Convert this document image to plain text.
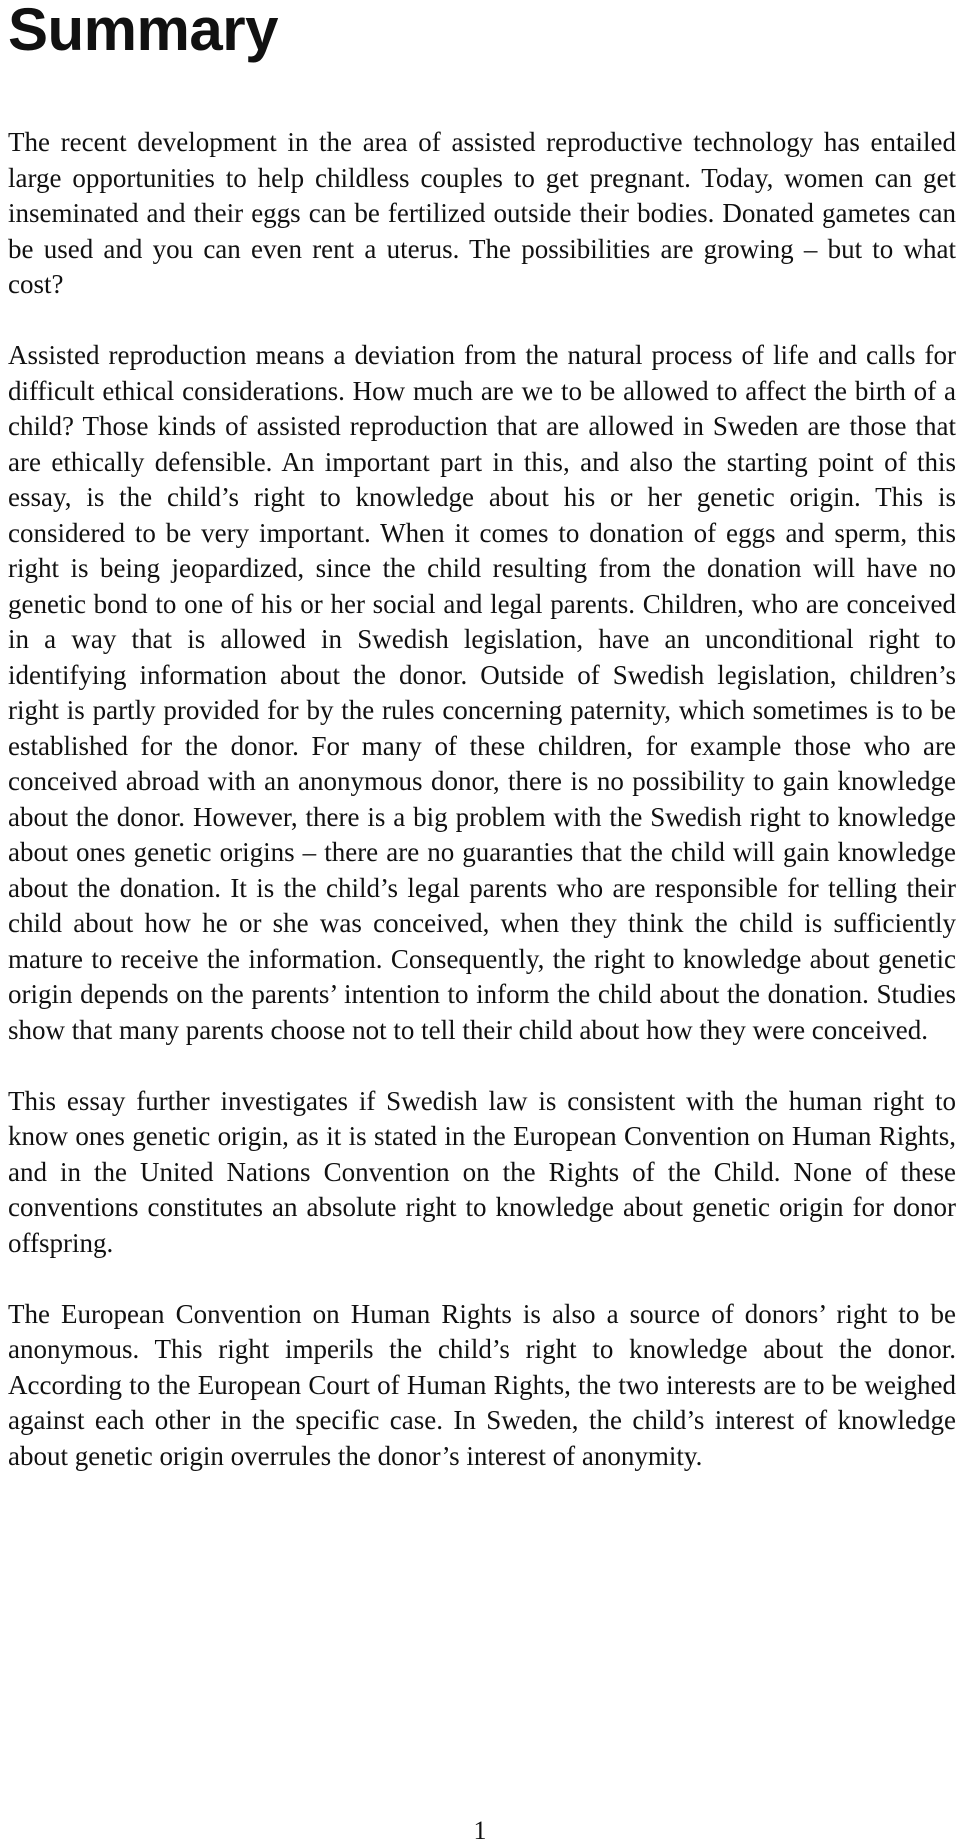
Summary

The recent development in the area of assisted reproductive technology has entailed large opportunities to help childless couples to get pregnant. Today, women can get inseminated and their eggs can be fertilized outside their bodies. Donated gametes can be used and you can even rent a uterus. The possibilities are growing – but to what cost?

Assisted reproduction means a deviation from the natural process of life and calls for difficult ethical considerations. How much are we to be allowed to affect the birth of a child? Those kinds of assisted reproduction that are allowed in Sweden are those that are ethically defensible. An important part in this, and also the starting point of this essay, is the child’s right to knowledge about his or her genetic origin. This is considered to be very important. When it comes to donation of eggs and sperm, this right is being jeopardized, since the child resulting from the donation will have no genetic bond to one of his or her social and legal parents. Children, who are conceived in a way that is allowed in Swedish legislation, have an unconditional right to identifying information about the donor. Outside of Swedish legislation, children’s right is partly provided for by the rules concerning paternity, which sometimes is to be established for the donor. For many of these children, for example those who are conceived abroad with an anonymous donor, there is no possibility to gain knowledge about the donor. However, there is a big problem with the Swedish right to knowledge about ones genetic origins – there are no guaranties that the child will gain knowledge about the donation. It is the child’s legal parents who are responsible for telling their child about how he or she was conceived, when they think the child is sufficiently mature to receive the information. Consequently, the right to knowledge about genetic origin depends on the parents’ intention to inform the child about the donation. Studies show that many parents choose not to tell their child about how they were conceived.

This essay further investigates if Swedish law is consistent with the human right to know ones genetic origin, as it is stated in the European Convention on Human Rights, and in the United Nations Convention on the Rights of the Child. None of these conventions constitutes an absolute right to knowledge about genetic origin for donor offspring.

The European Convention on Human Rights is also a source of donors’ right to be anonymous. This right imperils the child’s right to knowledge about the donor. According to the European Court of Human Rights, the two interests are to be weighed against each other in the specific case. In Sweden, the child’s interest of knowledge about genetic origin overrules the donor’s interest of anonymity.

1
